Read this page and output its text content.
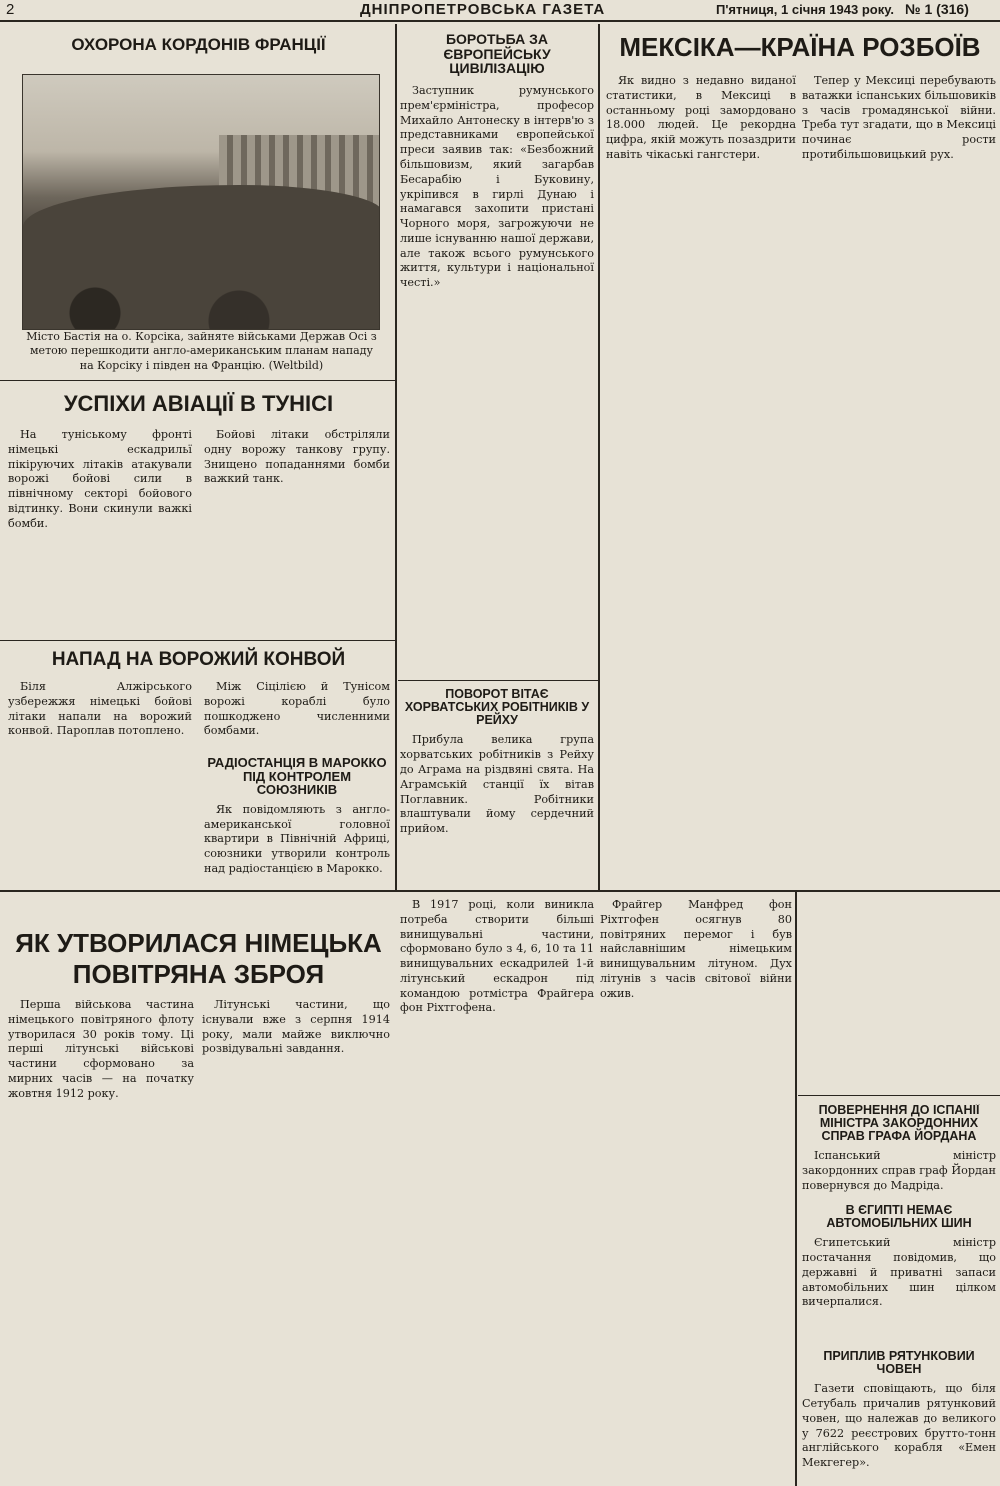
2	ДНІПРОПЕТРОВСЬКА ГАЗЕТА	П'ятниця, 1 січня 1943 року. № 1 (316)
ОХОРОНА КОРДОНІВ ФРАНЦІЇ
Місто Бастія на о. Корсіка, зайняте військами Держав Осі з метою перешкодити англо-американським планам нападу на Корсіку і півден на Францію. (Weltbild)
УСПІХИ АВІАЦІЇ В ТУНІСІ

На туніському фронті німецькі ескадрильї пікіруючих літаків атакували ворожі бойові сили в північному секторі бойового відтинку. Вони скинули важкі бомби.

Бойові літаки обстріляли одну ворожу танкову групу. Знищено попаданнями бомби важкий танк.

НАПАД НА ВОРОЖИЙ КОНВОЙ

Біля Алжірського узбережжя німецькі бойові літаки напали на ворожий конвой. Пароплав потоплено.

Між Сіцілією й Тунісом ворожі кораблі було пошкоджено численними бомбами.

РАДІОСТАНЦІЯ В МАРОККО ПІД КОНТРОЛЕМ СОЮЗНИКІВ

Як повідомляють з англо-американської головної квартири в Північній Африці, союзники утворили контроль над радіостанцією в Марокко.

БОРОТЬБА ЗА ЄВРОПЕЙСЬКУ ЦИВІЛІЗАЦІЮ

Заступник румунського прем'єрміністра, професор Михайло Антонеску в інтерв'ю з представниками європейської преси заявив так: «Безбожний більшовизм, який загарбав Бесарабію і Буковину, укріпився в гирлі Дунаю і намагався захопити пристані Чорного моря, загрожуючи не лише існуванню нашої держави, але також всього румунського життя, культури і національної честі.»

ПОВОРОТ ВІТАЄ ХОРВАТСЬКИХ РОБІТНИКІВ У РЕЙХУ

Прибула велика група хорватських робітників з Рейху до Аграма на різдвяні свята. На Аграмській станції їх вітав Поглавник. Робітники влаштували йому сердечний прийом.

МЕКСІКА—КРАЇНА РОЗБОЇВ

Як видно з недавно виданої статистики, в Мексиці в останньому році замордовано 18.000 людей. Це рекордна цифра, якій можуть позаздрити навіть чікаські гангстери.

Тепер у Мексиці перебувають ватажки іспанських більшовиків з часів громадянської війни. Треба тут згадати, що в Мексиці починає рости протибільшовицький рух.

ЯК УТВОРИЛАСЯ НІМЕЦЬКА ПОВІТРЯНА ЗБРОЯ

Перша військова частина німецького повітряного флоту утворилася 30 років тому. Ці перші літунські військові частини сформовано за мирних часів — на початку жовтня 1912 року.

Літунські частини, що існували вже з серпня 1914 року, мали майже виключно розвідувальні завдання.

В 1917 році, коли виникла потреба створити більші винищувальні частини, сформовано було з 4, 6, 10 та 11 винищувальних ескадрилей 1-й літунський ескадрон під командою ротмістра Фрайгера фон Ріхтгофена.

Фрайгер Манфред фон Ріхтгофен осягнув 80 повітряних перемог і був найславнішим німецьким винищувальним літуном. Дух літунів з часів світової війни ожив.

ПОВЕРНЕННЯ ДО ІСПАНІЇ МІНІСТРА ЗАКОРДОННИХ СПРАВ ГРАФА ЙОРДАНА

Іспанський міністр закордонних справ граф Йордан повернувся до Мадріда.

В ЄГИПТІ НЕМАЄ АВТОМОБІЛЬНИХ ШИН

Єгипетський міністр постачання повідомив, що державні й приватні запаси автомобільних шин цілком вичерпалися.

ПРИПЛИВ РЯТУНКОВИЙ ЧОВЕН

Газети сповіщають, що біля Сетубаль причалив рятунковий човен, що належав до великого у 7622 реєстрових брутто-тонн англійського корабля «Емен Мекгегер».
